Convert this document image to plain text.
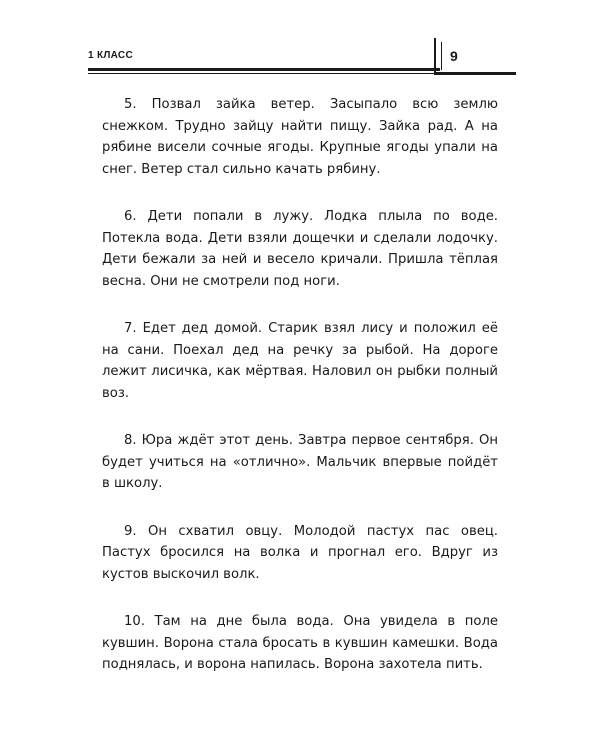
1 КЛАСС	9

5. Позвал зайка ветер. Засыпало всю землю снежком. Трудно зайцу найти пищу. Зайка рад. А на рябине висели сочные ягоды. Крупные ягоды упали на снег. Ветер стал сильно качать рябину.

6. Дети попали в лужу. Лодка плыла по воде. Потекла вода. Дети взяли дощечки и сделали лодочку. Дети бежали за ней и весело кричали. Пришла тёплая весна. Они не смотрели под ноги.

7. Едет дед домой. Старик взял лису и положил её на сани. Поехал дед на речку за рыбой. На дороге лежит лисичка, как мёртвая. Наловил он рыбки полный воз.

8. Юра ждёт этот день. Завтра первое сентября. Он будет учиться на «отлично». Мальчик впервые пойдёт в школу.

9. Он схватил овцу. Молодой пастух пас овец. Пастух бросился на волка и прогнал его. Вдруг из кустов выскочил волк.

10. Там на дне была вода. Она увидела в поле кувшин. Ворона стала бросать в кувшин камешки. Вода поднялась, и ворона напилась. Ворона захотела пить.
